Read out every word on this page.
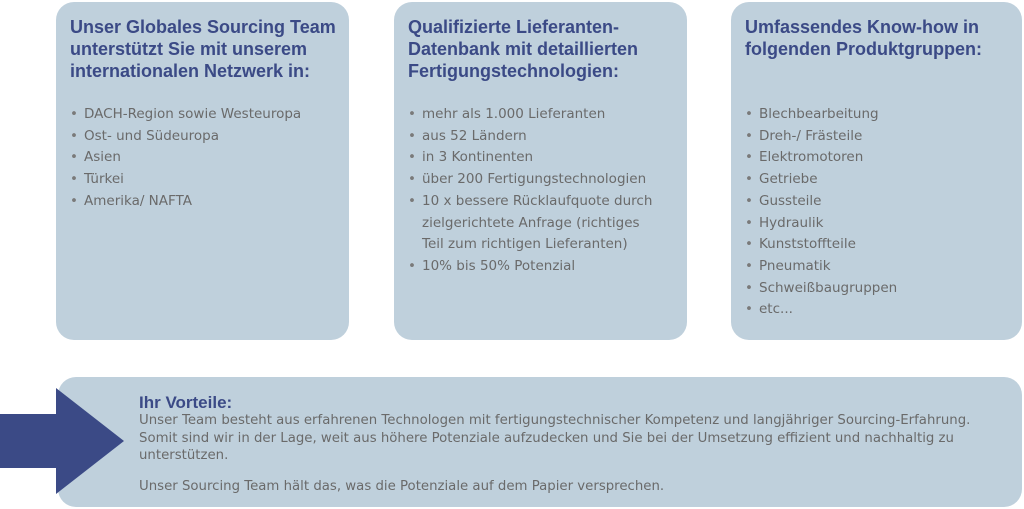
Unser Globales Sourcing Team
unterstützt Sie mit unserem
internationalen Netzwerk in:
• DACH-Region sowie Westeuropa
• Ost- und Südeuropa
• Asien
• Türkei
• Amerika/ NAFTA
Qualifizierte Lieferanten-
Datenbank mit detaillierten
Fertigungstechnologien:
• mehr als 1.000 Lieferanten
• aus 52 Ländern
• in 3 Kontinenten
• über 200 Fertigungstechnologien
• 10 x bessere Rücklaufquote durch
zielgerichtete Anfrage (richtiges
Teil zum richtigen Lieferanten)
• 10% bis 50% Potenzial
Umfassendes Know-how in
folgenden Produktgruppen:
• Blechbearbeitung
• Dreh-/ Frästeile
• Elektromotoren
• Getriebe
• Gussteile
• Hydraulik
• Kunststoffteile
• Pneumatik
• Schweißbaugruppen
• etc...
Ihr Vorteile:
Unser Team besteht aus erfahrenen Technologen mit fertigungstechnischer Kompetenz und langjähriger Sourcing-Erfahrung.
Somit sind wir in der Lage, weit aus höhere Potenziale aufzudecken und Sie bei der Umsetzung effizient und nachhaltig zu
unterstützen.
Unser Sourcing Team hält das, was die Potenziale auf dem Papier versprechen.
